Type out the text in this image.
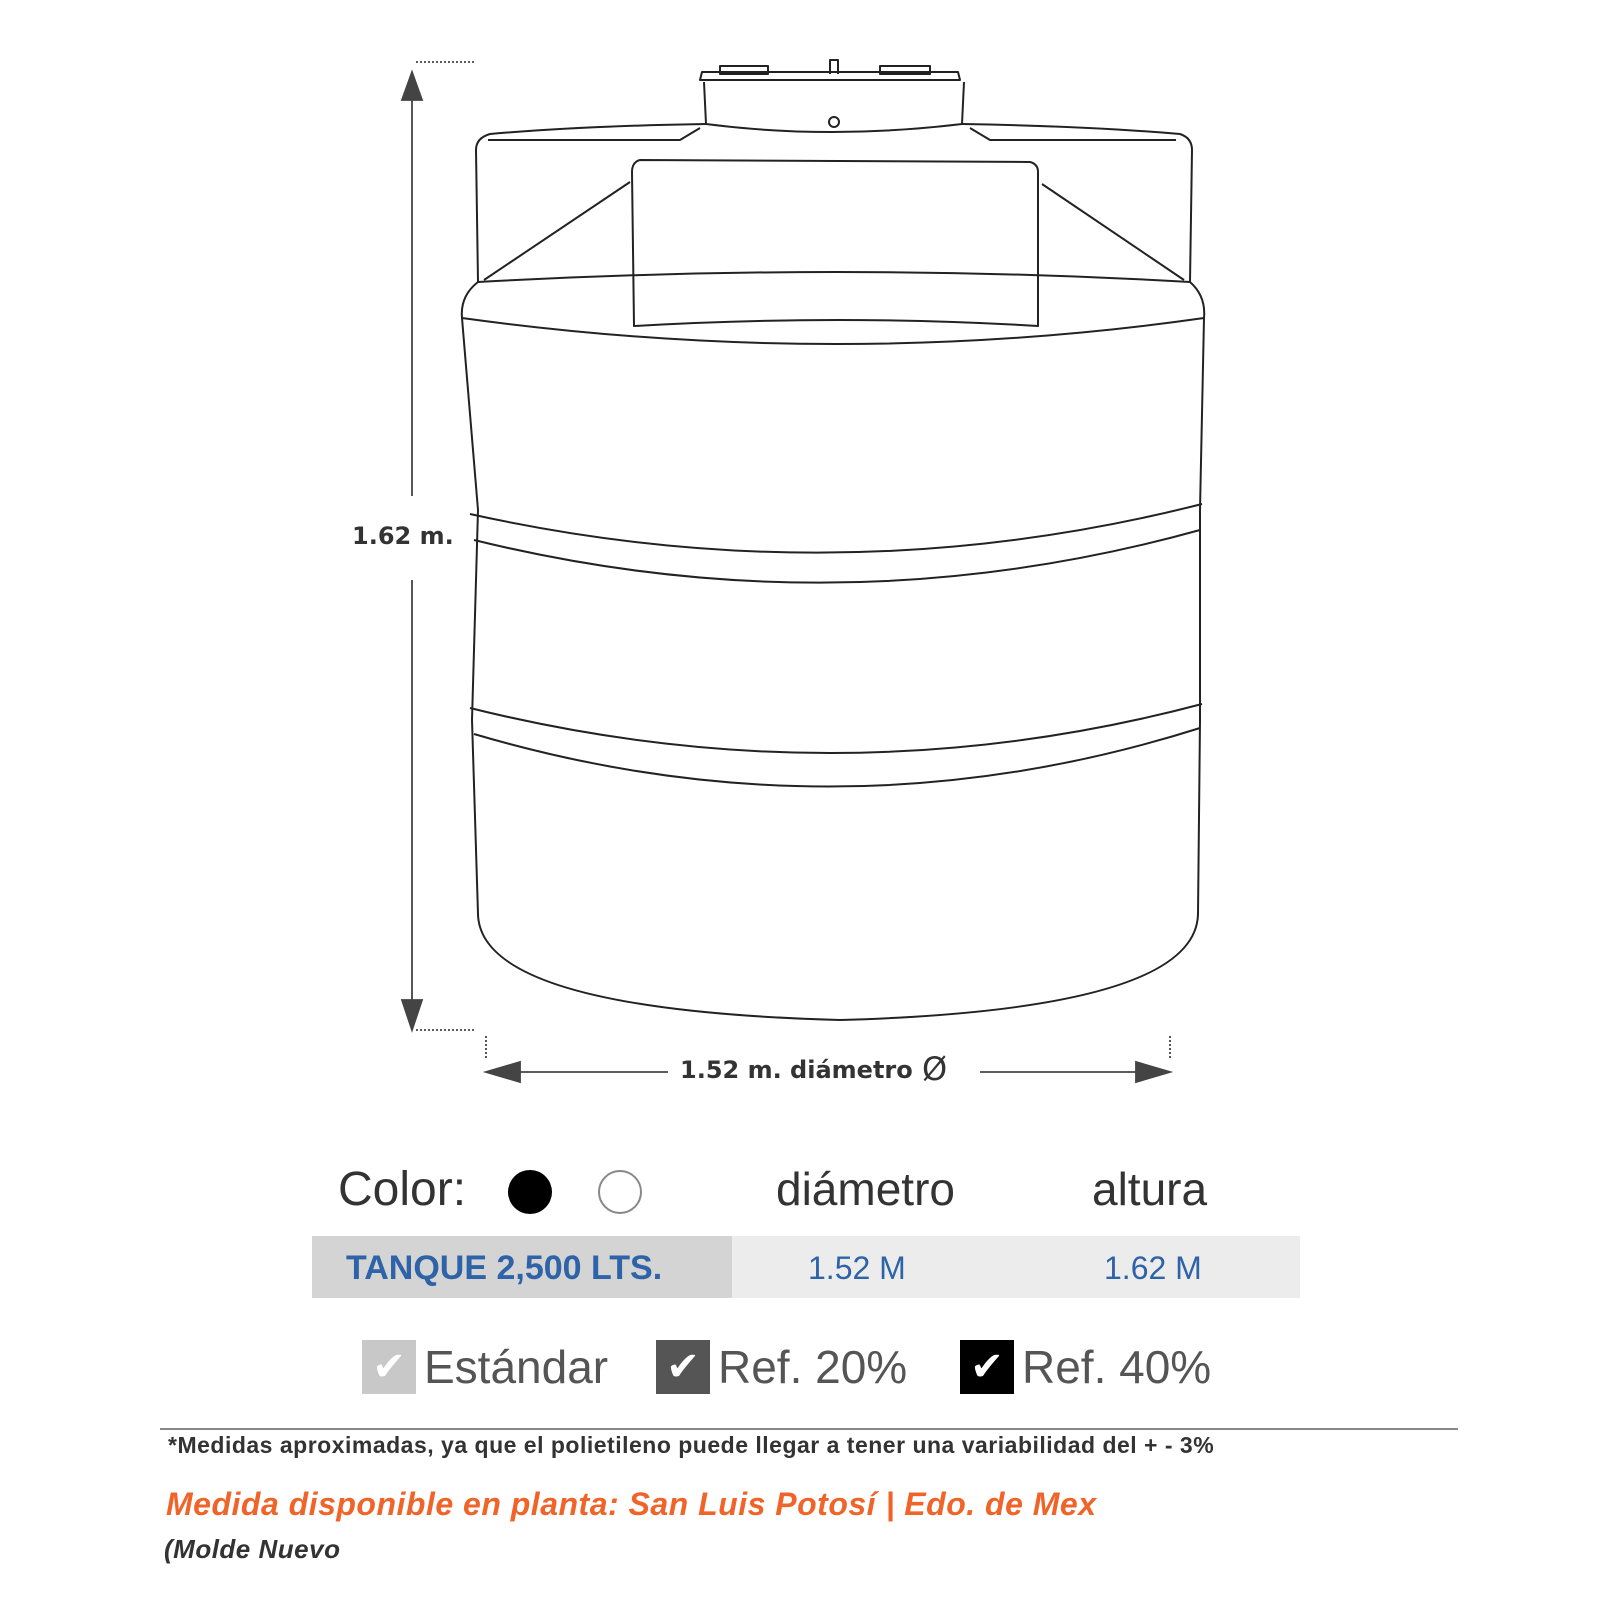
1.62 m.
1.52 m. diámetro Ø
Color:	diámetro	altura
TANQUE 2,500 LTS.	1.52 M	1.62 M
✔ Estándar ✔ Ref. 20% ✔ Ref. 40%
*Medidas aproximadas, ya que el polietileno puede llegar a tener una variabilidad del + - 3%
Medida disponible en planta: San Luis Potosí | Edo. de Mex
(Molde Nuevo
